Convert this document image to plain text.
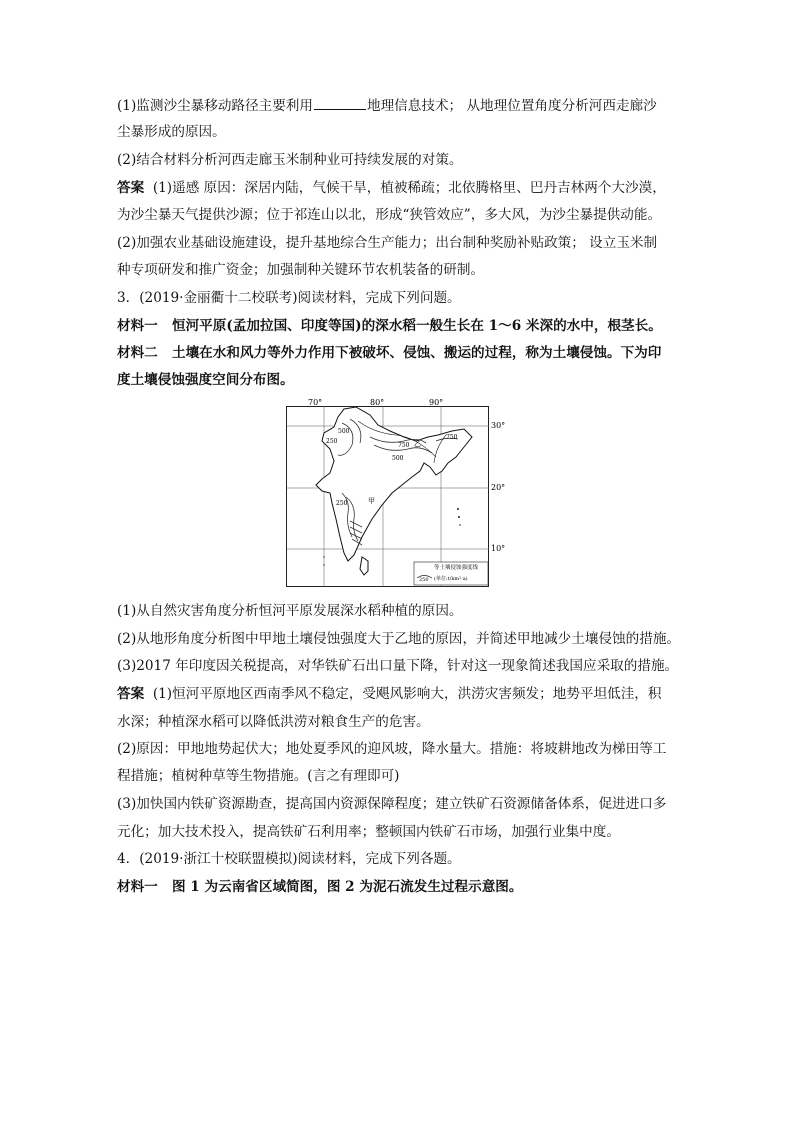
(1)监测沙尘暴移动路径主要利用	地理信息技术； 从地理位置角度分析河西走廊沙
尘暴形成的原因。
(2)结合材料分析河西走廊玉米制种业可持续发展的对策。
答案 (1)遥感 原因：深居内陆，气候干旱，植被稀疏；北依腾格里、巴丹吉林两个大沙漠，
为沙尘暴天气提供沙源；位于祁连山以北，形成“狭管效应”，多大风，为沙尘暴提供动能。
(2)加强农业基础设施建设，提升基地综合生产能力；出台制种奖励补贴政策； 设立玉米制
种专项研发和推广资金；加强制种关键环节农机装备的研制。
3．(2019·金丽衢十二校联考)阅读材料，完成下列问题。
材料一 恒河平原(孟加拉国、印度等国)的深水稻一般生长在 1～6 米深的水中，根茎长。
材料二 土壤在水和风力等外力作用下被破坏、侵蚀、搬运的过程，称为土壤侵蚀。下为印
度土壤侵蚀强度空间分布图。
70°	80°	90°
30°
20°
10°
250
500
500
750 乙
250	甲
750
等土壤侵蚀强度线
250 (单位:t/km²·a)
(1)从自然灾害角度分析恒河平原发展深水稻种植的原因。
(2)从地形角度分析图中甲地土壤侵蚀强度大于乙地的原因，并简述甲地减少土壤侵蚀的措施。
(3)2017 年印度因关税提高，对华铁矿石出口量下降，针对这一现象简述我国应采取的措施。
答案 (1)恒河平原地区西南季风不稳定，受飓风影响大，洪涝灾害频发；地势平坦低洼，积
水深；种植深水稻可以降低洪涝对粮食生产的危害。
(2)原因：甲地地势起伏大；地处夏季风的迎风坡，降水量大。措施：将坡耕地改为梯田等工
程措施；植树种草等生物措施。(言之有理即可)
(3)加快国内铁矿资源勘查，提高国内资源保障程度；建立铁矿石资源储备体系，促进进口多
元化；加大技术投入，提高铁矿石利用率；整顿国内铁矿石市场，加强行业集中度。
4．(2019·浙江十校联盟模拟)阅读材料，完成下列各题。
材料一 图 1 为云南省区域简图，图 2 为泥石流发生过程示意图。
